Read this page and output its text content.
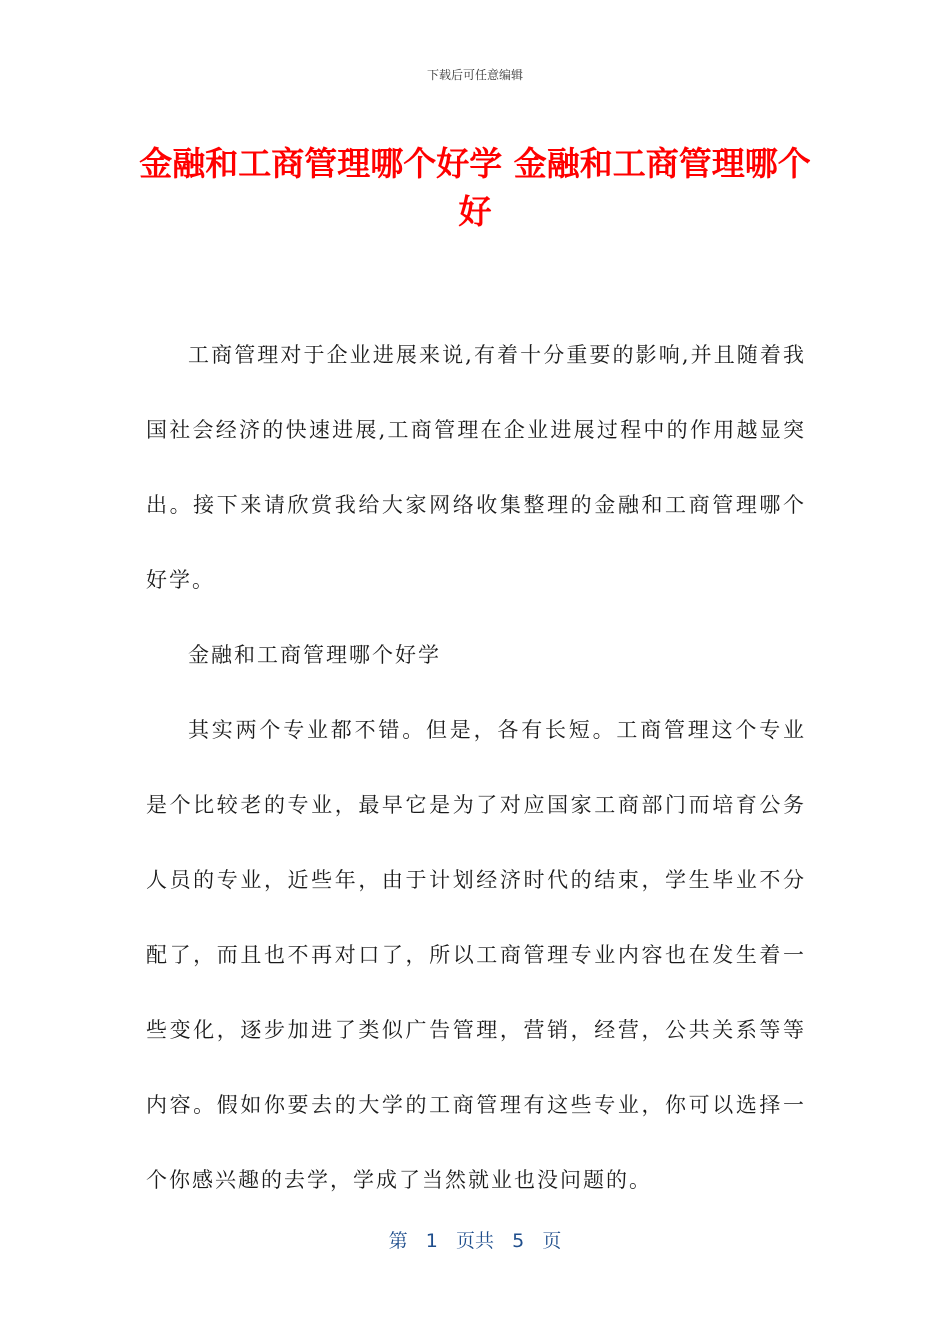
下载后可任意编辑
金融和工商管理哪个好学 金融和工商管理哪个好

工商管理对于企业进展来说,有着十分重要的影响,并且随着我国社会经济的快速进展,工商管理在企业进展过程中的作用越显突出。接下来请欣赏我给大家网络收集整理的金融和工商管理哪个好学。

金融和工商管理哪个好学

其实两个专业都不错。但是，各有长短。工商管理这个专业是个比较老的专业，最早它是为了对应国家工商部门而培育公务人员的专业，近些年，由于计划经济时代的结束，学生毕业不分配了，而且也不再对口了，所以工商管理专业内容也在发生着一些变化，逐步加进了类似广告管理，营销，经营，公共关系等等内容。假如你要去的大学的工商管理有这些专业，你可以选择一个你感兴趣的去学，学成了当然就业也没问题的。

第 1 页共 5 页
